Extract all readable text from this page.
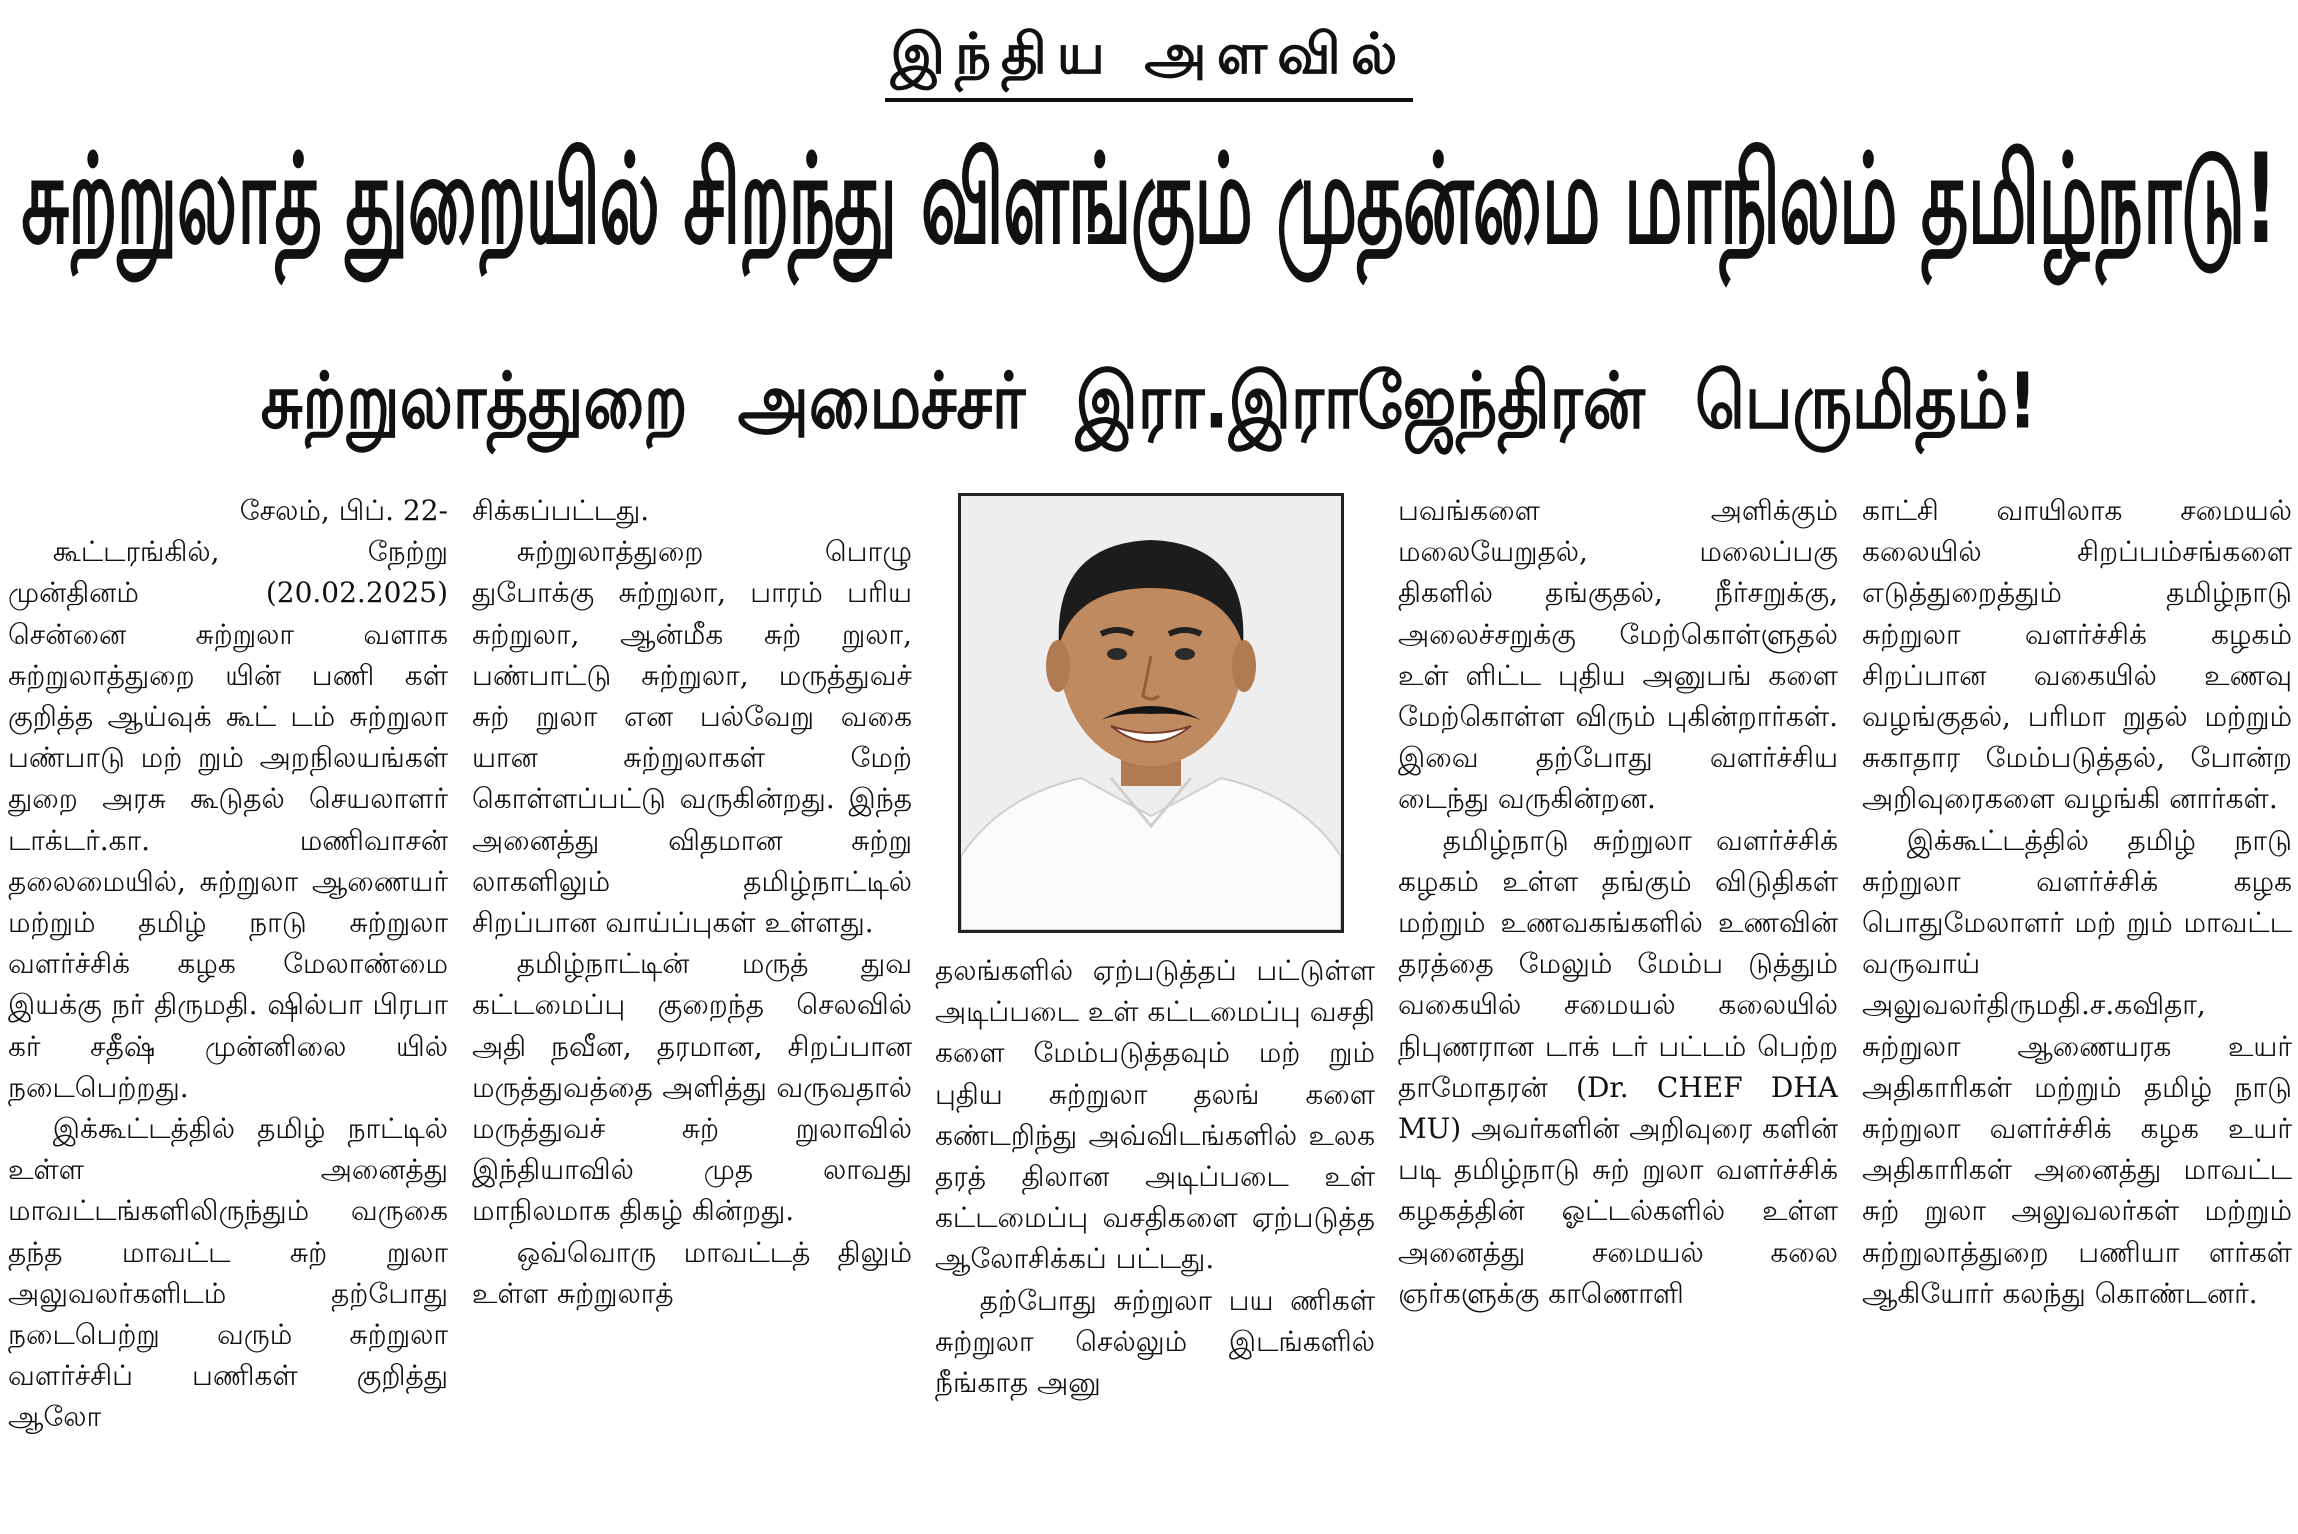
இந்திய அளவில்
சுற்றுலாத் துறையில் சிறந்து விளங்கும் முதன்மை மாநிலம் தமிழ்நாடு!
சுற்றுலாத்துறை அமைச்சர் இரா.இராஜேந்திரன் பெருமிதம்!

சேலம், பிப். 22-

கூட்டரங்கில், நேற்று முன்தினம் (20.02.2025) சென்னை சுற்றுலா வளாக சுற்றுலாத்துறை யின் பணி கள் குறித்த ஆய்வுக் கூட் டம் சுற்றுலா பண்பாடு மற் றும் அறநிலயங்கள் துறை அரசு கூடுதல் செயலாளர் டாக்டர்.கா. மணிவாசன் தலைமையில், சுற்றுலா ஆணையர் மற்றும் தமிழ் நாடு சுற்றுலா வளர்ச்சிக் கழக மேலாண்மை இயக்கு நர் திருமதி. ஷில்பா பிரபா கர் சதீஷ் முன்னிலை யில் நடைபெற்றது.

இக்கூட்டத்தில் தமிழ் நாட்டில் உள்ள அனைத்து மாவட்டங்களிலிருந்தும் வருகை தந்த மாவட்ட சுற் றுலா அலுவலர்களிடம் தற்போது நடைபெற்று வரும் சுற்றுலா வளர்ச்சிப் பணிகள் குறித்து ஆலோ

சிக்கப்பட்டது.

சுற்றுலாத்துறை பொழு துபோக்கு சுற்றுலா, பாரம் பரிய சுற்றுலா, ஆன்மீக சுற் றுலா, பண்பாட்டு சுற்றுலா, மருத்துவச் சுற் றுலா என பல்வேறு வகை யான சுற்றுலாகள் மேற் கொள்ளப்பட்டு வருகின்றது. இந்த அனைத்து விதமான சுற்று லாகளிலும் தமிழ்நாட்டில் சிறப்பான வாய்ப்புகள் உள்ளது.

தமிழ்நாட்டின் மருத் துவ கட்டமைப்பு குறைந்த செலவில் அதி நவீன, தரமான, சிறப்பான மருத்துவத்தை அளித்து வருவதால் மருத்துவச் சுற் றுலாவில் இந்தியாவில் முத லாவது மாநிலமாக திகழ் கின்றது.

ஒவ்வொரு மாவட்டத் திலும் உள்ள சுற்றுலாத்

தலங்களில் ஏற்படுத்தப் பட்டுள்ள அடிப்படை உள் கட்டமைப்பு வசதி களை மேம்படுத்தவும் மற் றும் புதிய சுற்றுலா தலங் களை கண்டறிந்து அவ்விடங்களில் உலக தரத் திலான அடிப்படை உள் கட்டமைப்பு வசதிகளை ஏற்படுத்த ஆலோசிக்கப் பட்டது.

தற்போது சுற்றுலா பய ணிகள் சுற்றுலா செல்லும் இடங்களில் நீங்காத அனு

பவங்களை அளிக்கும் மலையேறுதல், மலைப்பகு திகளில் தங்குதல், நீர்சறுக்கு, அலைச்சறுக்கு மேற்கொள்ளுதல் உள் ளிட்ட புதிய அனுபங் களை மேற்கொள்ள விரும் புகின்றார்கள். இவை தற்போது வளர்ச்சிய டைந்து வருகின்றன.

தமிழ்நாடு சுற்றுலா வளர்ச்சிக் கழகம் உள்ள தங்கும் விடுதிகள் மற்றும் உணவகங்களில் உணவின் தரத்தை மேலும் மேம்ப டுத்தும் வகையில் சமையல் கலையில் நிபுணரான டாக் டர் பட்டம் பெற்ற தாமோதரன் (Dr. CHEF DHA MU) அவர்களின் அறிவுரை களின் படி தமிழ்நாடு சுற் றுலா வளர்ச்சிக் கழகத்தின் ஓட்டல்களில் உள்ள அனைத்து சமையல் கலை ஞர்களுக்கு காணொளி

காட்சி வாயிலாக சமையல் கலையில் சிறப்பம்சங்களை எடுத்துறைத்தும் தமிழ்நாடு சுற்றுலா வளர்ச்சிக் கழகம் சிறப்பான வகையில் உணவு வழங்குதல், பரிமா றுதல் மற்றும் சுகாதார மேம்படுத்தல், போன்ற அறிவுரைகளை வழங்கி னார்கள்.

இக்கூட்டத்தில் தமிழ் நாடு சுற்றுலா வளர்ச்சிக் கழக பொதுமேலாளர் மற் றும் மாவட்ட வருவாய் அலுவலர்திருமதி.ச.கவிதா, சுற்றுலா ஆணையரக உயர் அதிகாரிகள் மற்றும் தமிழ் நாடு சுற்றுலா வளர்ச்சிக் கழக உயர் அதிகாரிகள் அனைத்து மாவட்ட சுற் றுலா அலுவலர்கள் மற்றும் சுற்றுலாத்துறை பணியா ளர்கள் ஆகியோர் கலந்து கொண்டனர்.
